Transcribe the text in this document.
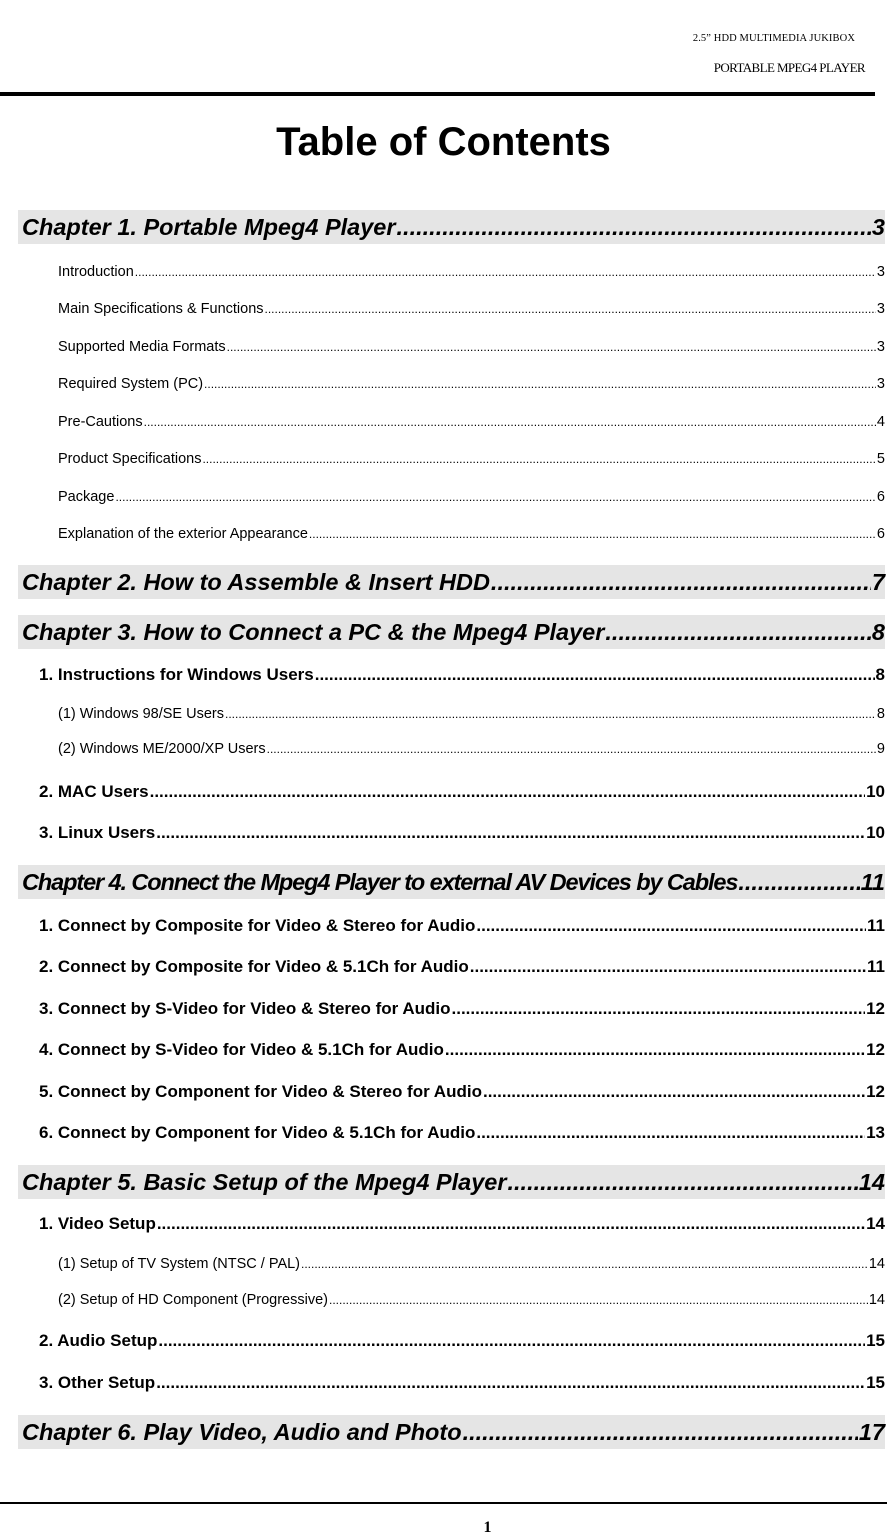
2.5” HDD MULTIMEDIA JUKIBOX
PORTABLE MPEG4 PLAYER
Table of Contents
Chapter 1. Portable Mpeg4 Player .....	3
Introduction .....	3
Main Specifications & Functions .....	3
Supported Media Formats .....	3
Required System (PC) .....	3
Pre-Cautions .....	4
Product Specifications .....	5
Package .....	6
Explanation of the exterior Appearance .....	6
Chapter 2. How to Assemble & Insert HDD .....	7
Chapter 3. How to Connect a PC & the Mpeg4 Player .....	8
1. Instructions for Windows Users .....	8
(1) Windows 98/SE Users .....	8
(2) Windows ME/2000/XP Users .....	9
2. MAC Users .....	10
3. Linux Users .....	10
Chapter 4. Connect the Mpeg4 Player to external AV Devices by Cables .....	11
1. Connect by Composite for Video & Stereo for Audio .....	11
2. Connect by Composite for Video & 5.1Ch for Audio .....	11
3. Connect by S-Video for Video & Stereo for Audio .....	12
4. Connect by S-Video for Video & 5.1Ch for Audio .....	12
5. Connect by Component for Video & Stereo for Audio .....	12
6. Connect by Component for Video & 5.1Ch for Audio .....	13
Chapter 5. Basic Setup of the Mpeg4 Player .....	14
1. Video Setup .....	14
(1) Setup of TV System (NTSC / PAL) .....	14
(2) Setup of HD Component (Progressive) .....	14
2. Audio Setup .....	15
3. Other Setup .....	15
Chapter 6. Play Video, Audio and Photo .....	17
1
